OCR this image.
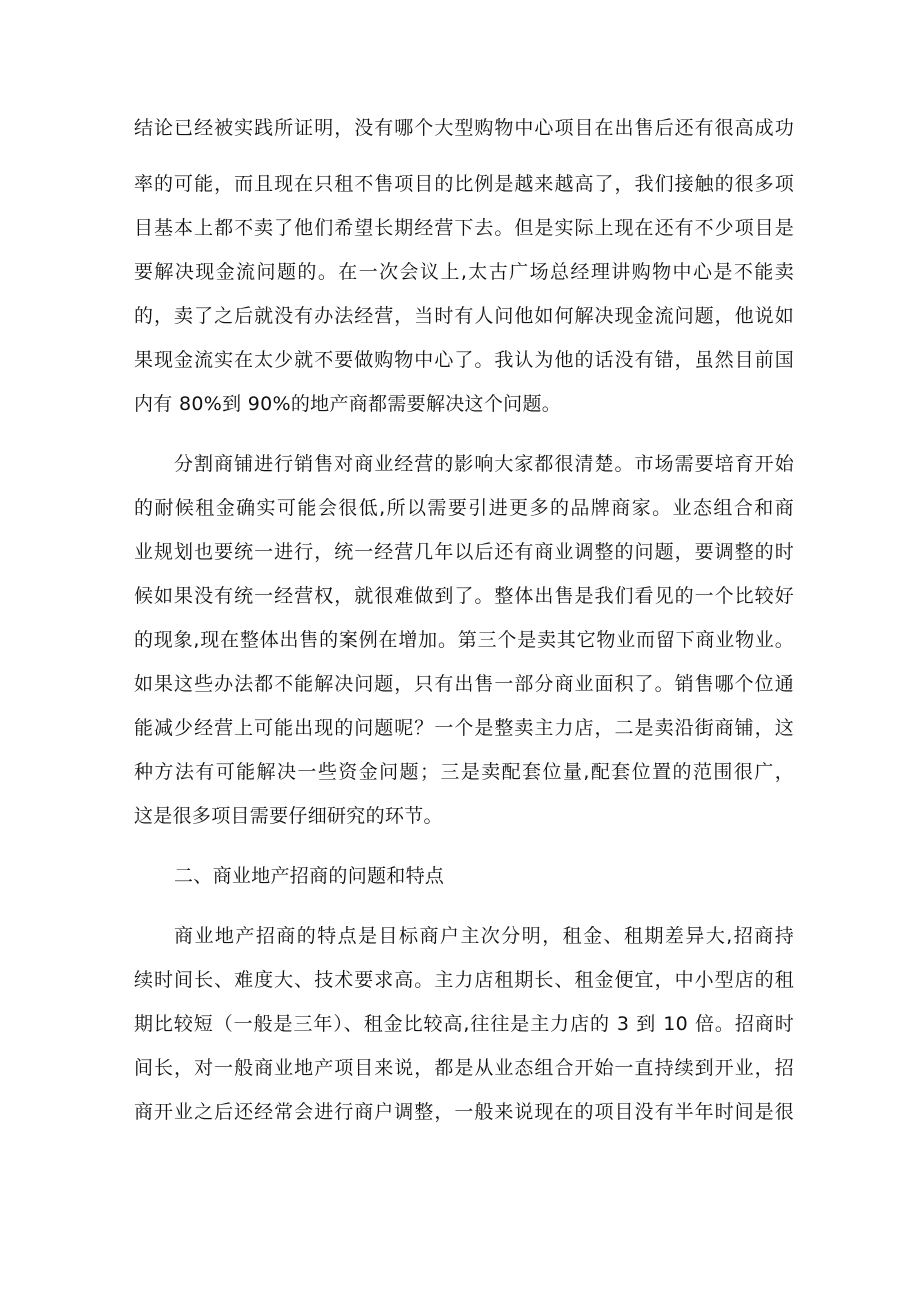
结论已经被实践所证明，没有哪个大型购物中心项目在出售后还有很高成功
率的可能，而且现在只租不售项目的比例是越来越高了，我们接触的很多项
目基本上都不卖了他们希望长期经营下去。但是实际上现在还有不少项目是
要解决现金流问题的。在一次会议上,太古广场总经理讲购物中心是不能卖
的，卖了之后就没有办法经营，当时有人问他如何解决现金流问题，他说如
果现金流实在太少就不要做购物中心了。我认为他的话没有错，虽然目前国
内有 80%到 90%的地产商都需要解决这个问题。
分割商铺进行销售对商业经营的影响大家都很清楚。市场需要培育开始
的耐候租金确实可能会很低,所以需要引进更多的品牌商家。业态组合和商
业规划也要统一进行，统一经营几年以后还有商业调整的问题，要调整的时
候如果没有统一经营权，就很难做到了。整体出售是我们看见的一个比较好
的现象,现在整体出售的案例在增加。第三个是卖其它物业而留下商业物业。
如果这些办法都不能解决问题，只有出售一部分商业面积了。销售哪个位通
能减少经营上可能出现的问题呢？一个是整卖主力店，二是卖沿街商铺，这
种方法有可能解决一些资金问题；三是卖配套位量,配套位置的范围很广，
这是很多项目需要仔细研究的环节。
二、商业地产招商的问题和特点
商业地产招商的特点是目标商户主次分明，租金、租期差异大,招商持
续时间长、难度大、技术要求高。主力店租期长、租金便宜，中小型店的租
期比较短（一般是三年）、租金比较高,往往是主力店的 3 到 10 倍。招商时
间长，对一般商业地产项目来说，都是从业态组合开始一直持续到开业，招
商开业之后还经常会进行商户调整，一般来说现在的项目没有半年时间是很
